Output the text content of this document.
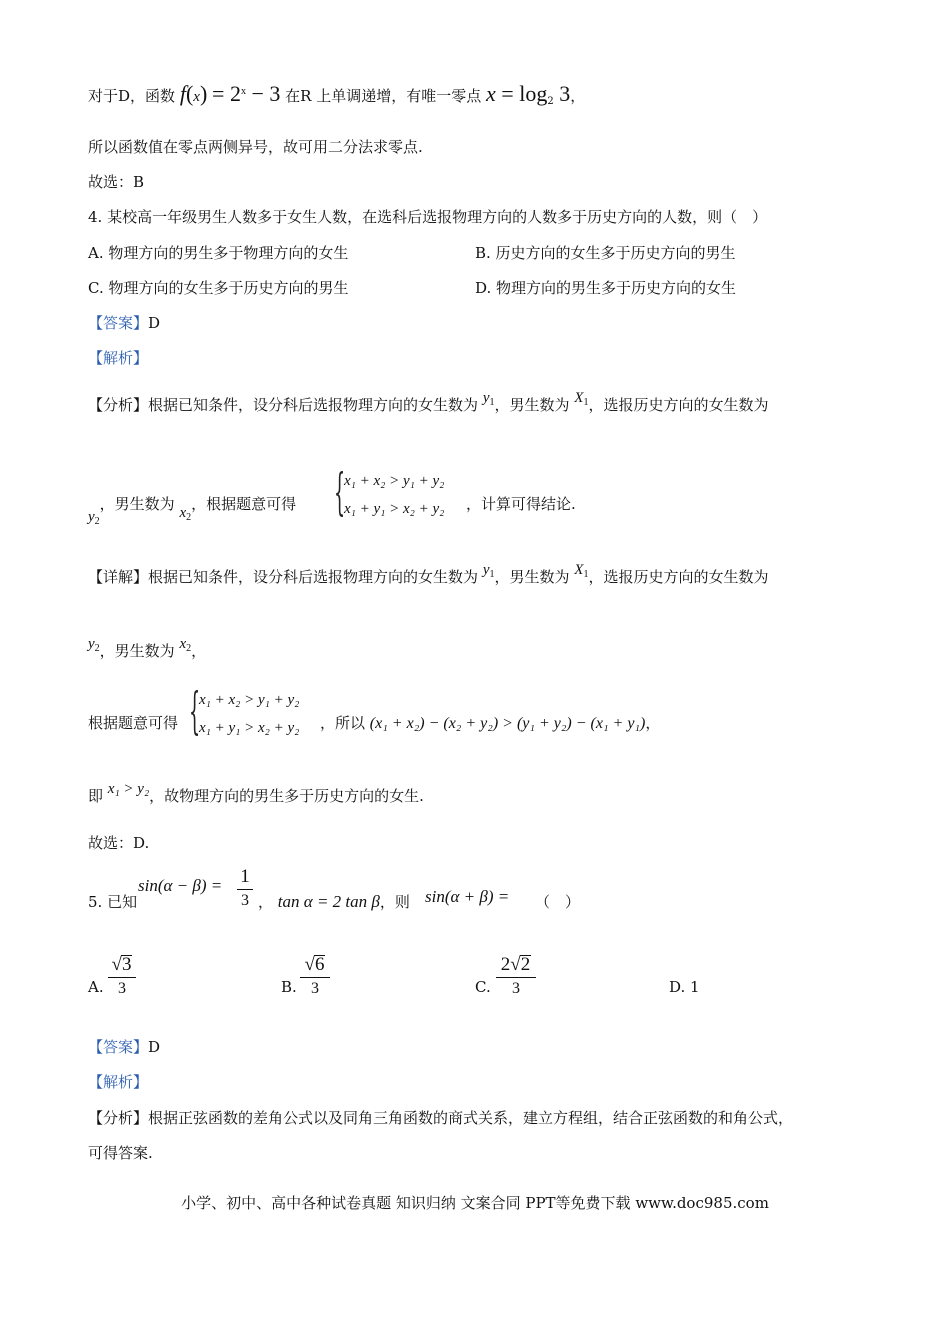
对于D，函数 $f(x) = 2^x - 3$ 在R 上单调递增，有唯一零点 $x = \log_2 3$，
所以函数值在零点两侧异号，故可用二分法求零点.
故选：B
4. 某校高一年级男生人数多于女生人数，在选科后选报物理方向的人数多于历史方向的人数，则（　）
A. 物理方向的男生多于物理方向的女生	B. 历史方向的女生多于历史方向的男生
C. 物理方向的女生多于历史方向的男生	D. 物理方向的男生多于历史方向的女生
【答案】D
【解析】
【分析】根据已知条件，设分科后选报物理方向的女生数为 $y_1$，男生数为 $X_1$，选报历史方向的女生数为
$y_2$，男生数为 $x_2$，根据题意可得 {
x₁ + x₂ > y₁ + y₂
x₁ + y₁ > x₂ + y₂ ，计算可得结论.
【详解】根据已知条件，设分科后选报物理方向的女生数为 $y_1$，男生数为 $X_1$，选报历史方向的女生数为
$y_2$，男生数为 $x_2$，
根据题意可得 {
x₁ + x₂ > y₁ + y₂
x₁ + y₁ > x₂ + y₂ ，所以 (x₁ + x₂) − (x₂ + y₂) > (y₁ + y₂) − (x₁ + y₁)，
即 x₁ > y₂，故物理方向的男生多于历史方向的女生.
故选：D.
5. 已知
sin(α − β) = 1
3 ， tan α = 2 tan β，则 sin(α + β) = （　）
A.
√3
3	B.
√6
3	C.
2√2
3	D. 1
【答案】D
【解析】
【分析】根据正弦函数的差角公式以及同角三角函数的商式关系，建立方程组，结合正弦函数的和角公式，
可得答案.
小学、初中、高中各种试卷真题 知识归纳 文案合同 PPT等免费下载 www.doc985.com
